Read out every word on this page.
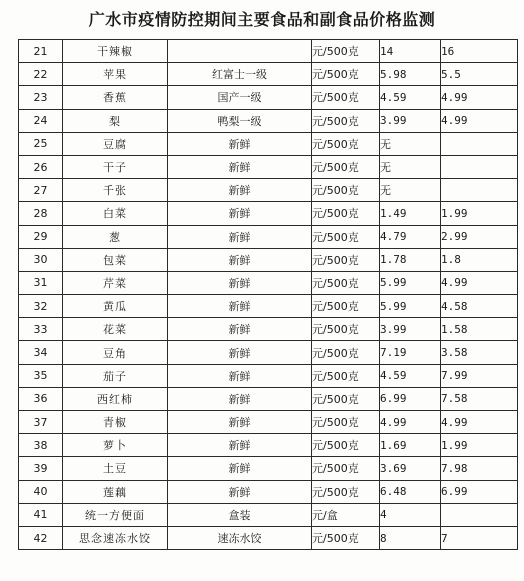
广水市疫情防控期间主要食品和副食品价格监测
21	干辣椒		元/500克	14	16
22	苹果	红富士一级	元/500克	5.98	5.5
23	香蕉	国产一级	元/500克	4.59	4.99
24	梨	鸭梨一级	元/500克	3.99	4.99
25	豆腐	新鲜	元/500克	无	
26	干子	新鲜	元/500克	无	
27	千张	新鲜	元/500克	无	
28	白菜	新鲜	元/500克	1.49	1.99
29	葱	新鲜	元/500克	4.79	2.99
30	包菜	新鲜	元/500克	1.78	1.8
31	芹菜	新鲜	元/500克	5.99	4.99
32	黄瓜	新鲜	元/500克	5.99	4.58
33	花菜	新鲜	元/500克	3.99	1.58
34	豆角	新鲜	元/500克	7.19	3.58
35	茄子	新鲜	元/500克	4.59	7.99
36	西红柿	新鲜	元/500克	6.99	7.58
37	青椒	新鲜	元/500克	4.99	4.99
38	萝卜	新鲜	元/500克	1.69	1.99
39	土豆	新鲜	元/500克	3.69	7.98
40	莲藕	新鲜	元/500克	6.48	6.99
41	统一方便面	盒装	元/盒	4	
42	思念速冻水饺	速冻水饺	元/500克	8	7
